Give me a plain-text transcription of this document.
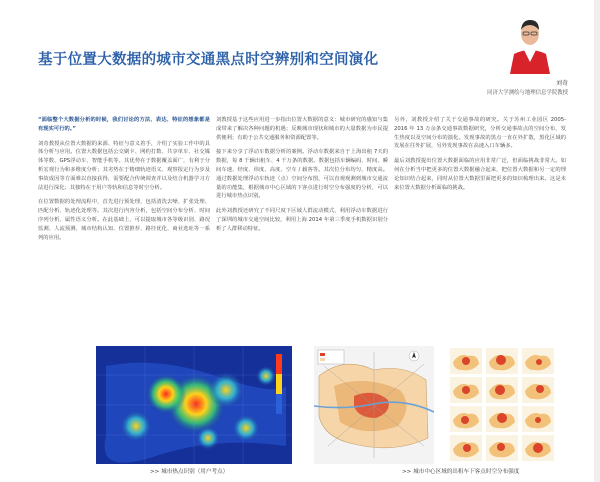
基于位置大数据的城市交通黑点时空辨别和空间演化
刘奇
同济大学测绘与地理信息学院教授

“面临整个大数据分析的时候，我们讨论的方法、表达、特征的想象都是有现实可行的。”

刘奇教授从位置大数据的来源、特征与意义着手，介绍了实验工作中的具体分析与应用。位置大数据包括公交刷卡、网约打数、共享单车、社交媒体等数、GPS浮动车、智能手机等。其优势在于数据覆盖面广，有利于分析宏观行为和多维度分析；其劣势在于精细轨迹语义、观察报定行为步及事故成因等方面难以直接获得，需要配合传统调查并以及结合机器学习方法进行深化；其独特在于用户等轨和信息等时空分析。

在位置数据的处理流程中，首先进行预处理，包括清洗去噪、扩张处理、匹配分析、轨迹化处理等。其次进行内容分析，包括空间分布分析、时间序列分析、属性语义分析。在此基础上，可以提取城市各等级识别、路况监测、人流预测、城市结构认知、位置推荐、路径优化、商业选址等一系列的应用。

刘教授基于这些应用进一步指出位置大数据的意义：城市研究的感知与集成带来了解决各种问题的机遇；反映城市现状和城市的大量数据为市民提供便利；有助于公共交通服务和资源配置等。

接下来分享了浮动车数据分析的案例。浮动车数据来自于上海出租 7天的数据，每 8 千辆出租车、4 千万条的数据。数据包括车辆编码、时间、瞬间车速、经度、纬度、高度、空车 / 载客等。其次位分布均匀，精度高。通过数据处理浮动车轨迹（点）空间分布图，可以直观观测到城市交通流量的功能集，根据城市中心区域的下客点进行时空分布强度的分析，可以进行城市热点识别。

此外刘教授还研究了不同尺度下区域人群流动模式，利用浮动车数据进行了深圳的城市交通空间比较，利用上海 2014 年第三季度手机数据识别分析了人群移动特征。

另外，刘教授介绍了关于交通事故的研究。关于苏州工业园区 2005-2016 年 13 万余条交通事故数据研究，分析交通事故点的空间分布，发生热度以及空间分布的演化。发现事故的黑点一直在外扩散，黑化区域的发展在往外扩展，另外发现事故在高速入口车辆多。

最后刘教授提出位置大数据面临的应用非常广泛，但面临挑战非常大。如何在分析当中把更多的位置大数据融合起来，把位置大数据和另一定的理论知识结合起来，同时从位置大数据里面把更多的知识梳理出来。这是未来位置大数据分析面临的挑战。

>> 城市热点识别（用户考点）	>> 城市中心区域的出租车下客点时空分布强度
